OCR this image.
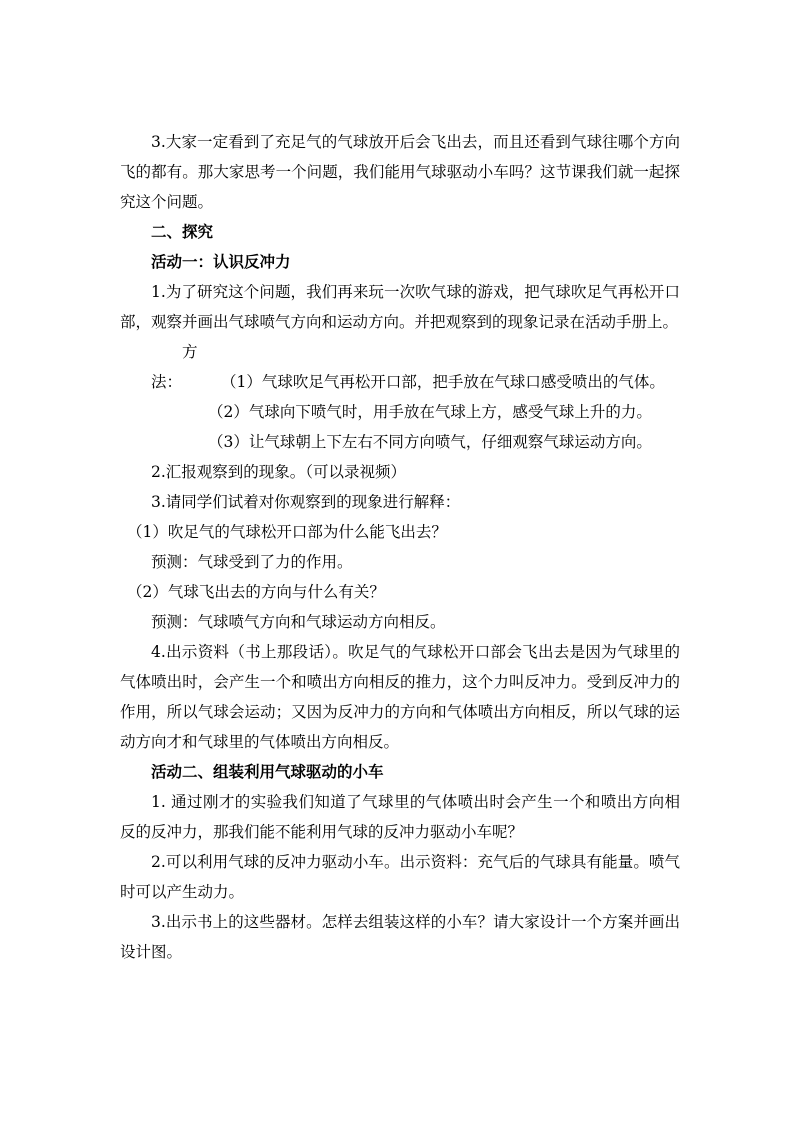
3.大家一定看到了充足气的气球放开后会飞出去，而且还看到气球往哪个方向飞的都有。那大家思考一个问题，我们能用气球驱动小车吗？这节课我们就一起探究这个问题。

二、探究

活动一：认识反冲力

1.为了研究这个问题，我们再来玩一次吹气球的游戏，把气球吹足气再松开口部，观察并画出气球喷气方向和运动方向。并把观察到的现象记录在活动手册上。

方法：	（1）气球吹足气再松开口部，把手放在气球口感受喷出的气体。

（2）气球向下喷气时，用手放在气球上方，感受气球上升的力。

（3）让气球朝上下左右不同方向喷气，仔细观察气球运动方向。

2.汇报观察到的现象。（可以录视频）

3.请同学们试着对你观察到的现象进行解释：

（1）吹足气的气球松开口部为什么能飞出去？

预测：气球受到了力的作用。

（2）气球飞出去的方向与什么有关？

预测：气球喷气方向和气球运动方向相反。

4.出示资料（书上那段话）。吹足气的气球松开口部会飞出去是因为气球里的气体喷出时，会产生一个和喷出方向相反的推力，这个力叫反冲力。受到反冲力的作用，所以气球会运动；又因为反冲力的方向和气体喷出方向相反，所以气球的运动方向才和气球里的气体喷出方向相反。

活动二、组装利用气球驱动的小车

1. 通过刚才的实验我们知道了气球里的气体喷出时会产生一个和喷出方向相反的反冲力，那我们能不能利用气球的反冲力驱动小车呢？

2.可以利用气球的反冲力驱动小车。出示资料：充气后的气球具有能量。喷气时可以产生动力。

3.出示书上的这些器材。怎样去组装这样的小车？请大家设计一个方案并画出设计图。
